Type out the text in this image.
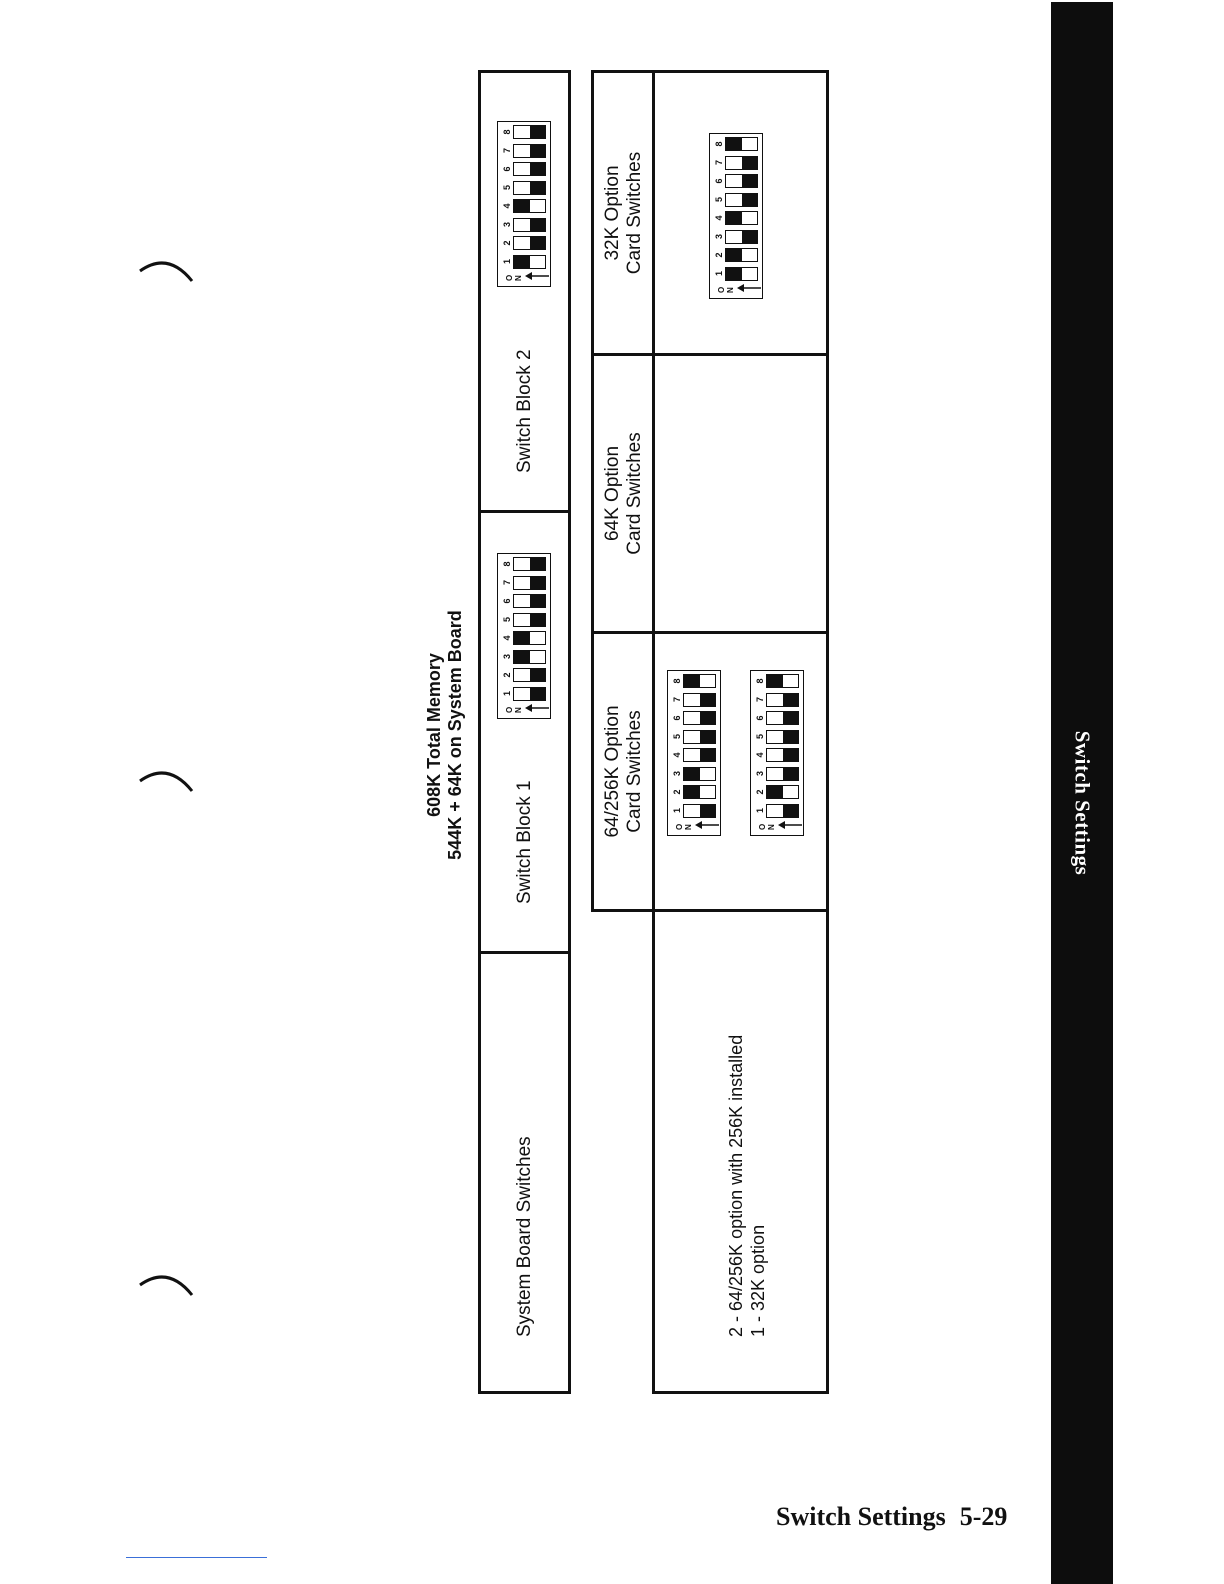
Switch Settings
608K Total Memory 544K + 64K on System Board
System Board Switches
Switch Block 1
Switch Block 2
O N
1
2
3
4
5
6
7
8
O N
1
2
3
4
5
6
7
8
64/256K Option Card Switches
64K Option Card Switches
32K Option Card Switches
2 - 64/256K option with 256K installed 1 - 32K option
O N
1
2
3
4
5
6
7
8
O N
1
2
3
4
5
6
7
8
O N
1
2
3
4
5
6
7
8
Switch Settings 5-29
